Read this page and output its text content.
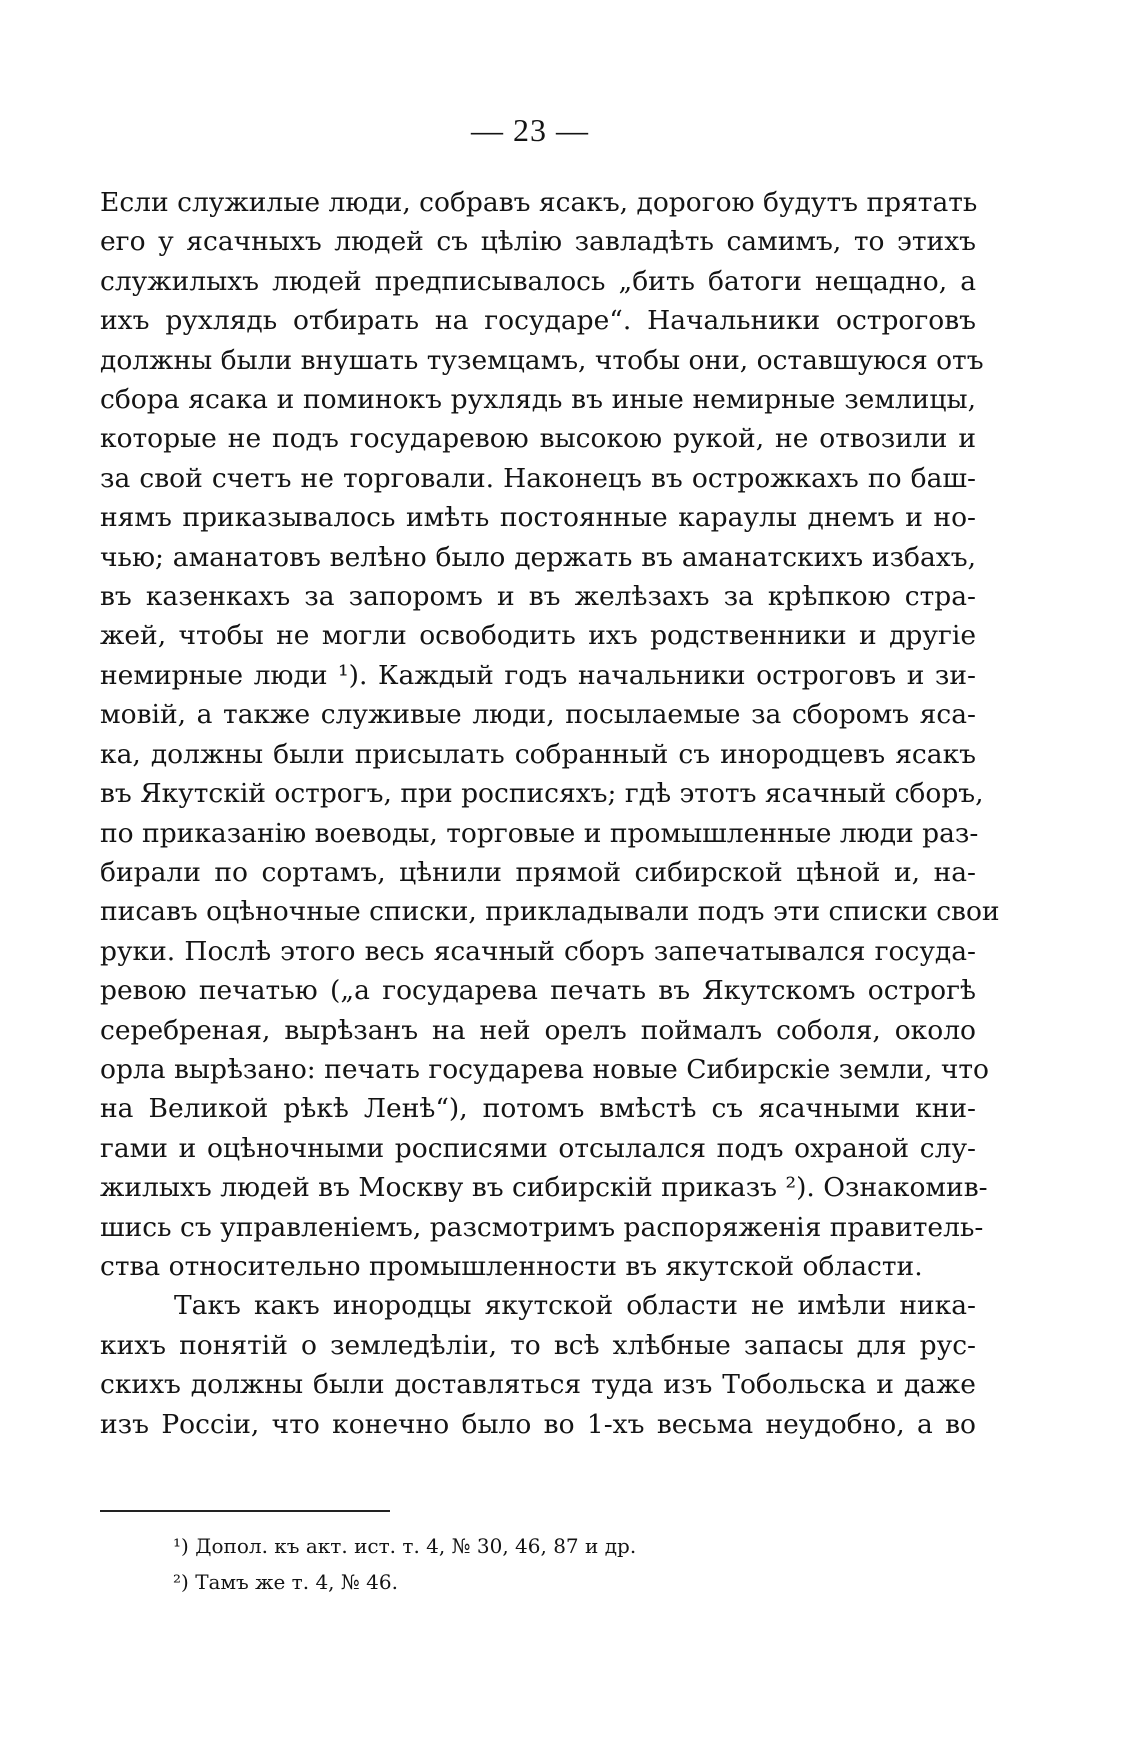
— 23 —
Если служилые люди, собравъ ясакъ, дорогою будутъ прятать
его у ясачныхъ людей съ цѣлію завладѣть самимъ, то этихъ
служилыхъ людей предписывалось „бить батоги нещадно, а
ихъ рухлядь отбирать на государе“. Начальники остроговъ
должны были внушать туземцамъ, чтобы они, оставшуюся отъ
сбора ясака и поминокъ рухлядь въ иные немирные землицы,
которые не подъ государевою высокою рукой, не отвозили и
за свой счетъ не торговали. Наконецъ въ острожкахъ по баш-
нямъ приказывалось имѣть постоянные караулы днемъ и но-
чью; аманатовъ велѣно было держать въ аманатскихъ избахъ,
въ казенкахъ за запоромъ и въ желѣзахъ за крѣпкою стра-
жей, чтобы не могли освободить ихъ родственники и другіе
немирные люди ¹). Каждый годъ начальники остроговъ и зи-
мовій, а также служивые люди, посылаемые за сборомъ яса-
ка, должны были присылать собранный съ инородцевъ ясакъ
въ Якутскій острогъ, при росписяхъ; гдѣ этотъ ясачный сборъ,
по приказанію воеводы, торговые и промышленные люди раз-
бирали по сортамъ, цѣнили прямой сибирской цѣной и, на-
писавъ оцѣночные списки, прикладывали подъ эти списки свои
руки. Послѣ этого весь ясачный сборъ запечатывался госуда-
ревою печатью („а государева печать въ Якутскомъ острогѣ
серебреная, вырѣзанъ на ней орелъ поймалъ соболя, около
орла вырѣзано: печать государева новые Сибирскіе земли, что
на Великой рѣкѣ Ленѣ“), потомъ вмѣстѣ съ ясачными кни-
гами и оцѣночными росписями отсылался подъ охраной слу-
жилыхъ людей въ Москву въ сибирскій приказъ ²). Ознакомив-
шись съ управленіемъ, разсмотримъ распоряженія правитель-
ства относительно промышленности въ якутской области.
Такъ какъ инородцы якутской области не имѣли ника-
кихъ понятій о земледѣліи, то всѣ хлѣбные запасы для рус-
скихъ должны были доставляться туда изъ Тобольска и даже
изъ Россіи, что конечно было во 1-хъ весьма неудобно, а во
¹) Допол. къ акт. ист. т. 4, № 30, 46, 87 и др.
²) Тамъ же т. 4, № 46.
